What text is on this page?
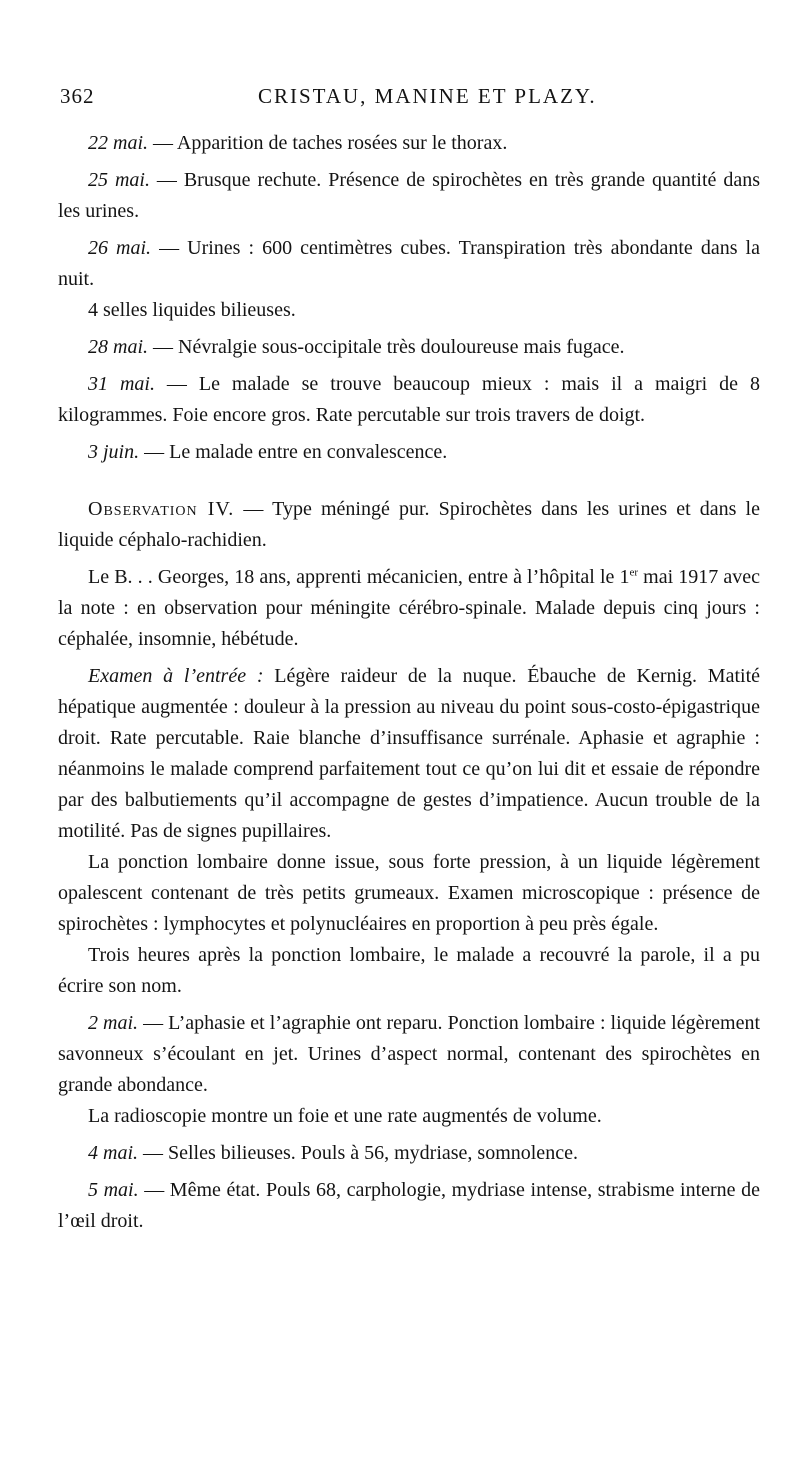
362	CRISTAU, MANINE ET PLAZY.

22 mai. — Apparition de taches rosées sur le thorax.

25 mai. — Brusque rechute. Présence de spirochètes en très grande quantité dans les urines.

26 mai. — Urines : 600 centimètres cubes. Transpiration très abondante dans la nuit.

4 selles liquides bilieuses.

28 mai. — Névralgie sous-occipitale très douloureuse mais fugace.

31 mai. — Le malade se trouve beaucoup mieux : mais il a maigri de 8 kilogrammes. Foie encore gros. Rate percutable sur trois travers de doigt.

3 juin. — Le malade entre en convalescence.

Observation IV. — Type méningé pur. Spirochètes dans les urines et dans le liquide céphalo-rachidien.

Le B. . . Georges, 18 ans, apprenti mécanicien, entre à l’hôpital le 1er mai 1917 avec la note : en observation pour méningite cérébro-spinale. Malade depuis cinq jours : céphalée, insomnie, hébétude.

Examen à l’entrée : Légère raideur de la nuque. Ébauche de Kernig. Matité hépatique augmentée : douleur à la pression au niveau du point sous-costo-épigastrique droit. Rate percutable. Raie blanche d’insuffisance surrénale. Aphasie et agraphie : néanmoins le malade comprend parfaitement tout ce qu’on lui dit et essaie de répondre par des balbutiements qu’il accompagne de gestes d’impatience. Aucun trouble de la motilité. Pas de signes pupillaires.

La ponction lombaire donne issue, sous forte pression, à un liquide légèrement opalescent contenant de très petits grumeaux. Examen microscopique : présence de spirochètes : lymphocytes et polynucléaires en proportion à peu près égale.

Trois heures après la ponction lombaire, le malade a recouvré la parole, il a pu écrire son nom.

2 mai. — L’aphasie et l’agraphie ont reparu. Ponction lombaire : liquide légèrement savonneux s’écoulant en jet. Urines d’aspect normal, contenant des spirochètes en grande abondance.

La radioscopie montre un foie et une rate augmentés de volume.

4 mai. — Selles bilieuses. Pouls à 56, mydriase, somnolence.

5 mai. — Même état. Pouls 68, carphologie, mydriase intense, strabisme interne de l’œil droit.
